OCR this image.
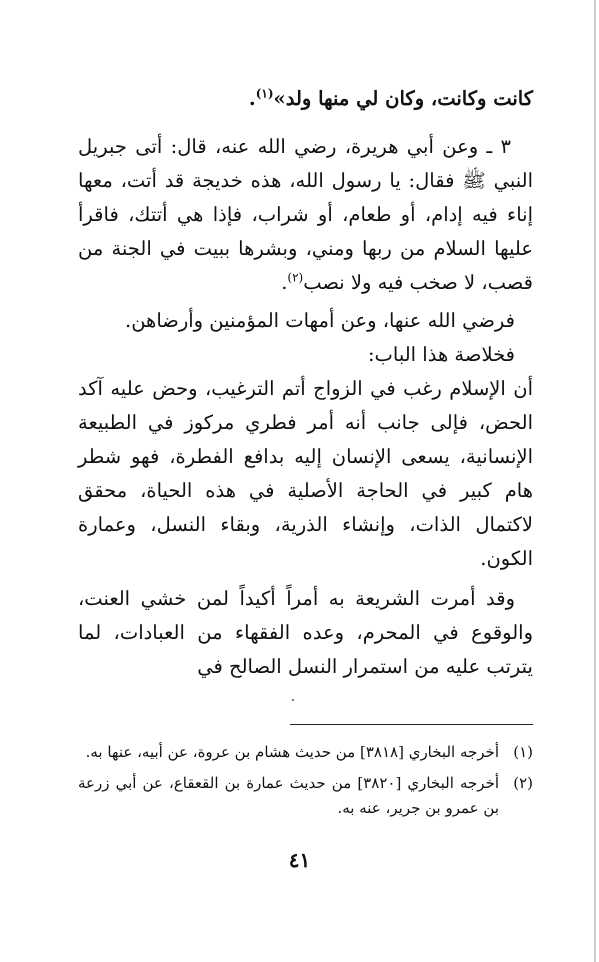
كانت وكانت، وكان لي منها ولد»$^{(١)}$.

٣ ـ وعن أبي هريرة، رضي الله عنه، قال: أتى جبريل النبي ﷺ فقال: يا رسول الله، هذه خديجة قد أتت، معها إناء فيه إدام، أو طعام، أو شراب، فإذا هي أتتك، فاقرأ عليها السلام من ربها ومني، وبشرها ببيت في الجنة من قصب، لا صخب فيه ولا نصب$^{(٢)}$.

فرضي الله عنها، وعن أمهات المؤمنين وأرضاهن.

فخلاصة هذا الباب:

أن الإسلام رغب في الزواج أتم الترغيب، وحض عليه آكد الحض، فإلى جانب أنه أمر فطري مركوز في الطبيعة الإنسانية، يسعى الإنسان إليه بدافع الفطرة، فهو شطر هام كبير في الحاجة الأصلية في هذه الحياة، محقق لاكتمال الذات، وإنشاء الذرية، وبقاء النسل، وعمارة الكون.

وقد أمرت الشريعة به أمراً أكيداً لمن خشي العنت، والوقوع في المحرم، وعده الفقهاء من العبادات، لما يترتب عليه من استمرار النسل الصالح في

(١)
أخرجه البخاري [٣٨١٨] من حديث هشام بن عروة، عن أبيه، عنها به.
(٢)
أخرجه البخاري [٣٨٢٠] من حديث عمارة بن القعقاع، عن أبي زرعة بن عمرو بن جرير، عنه به.
٤١
